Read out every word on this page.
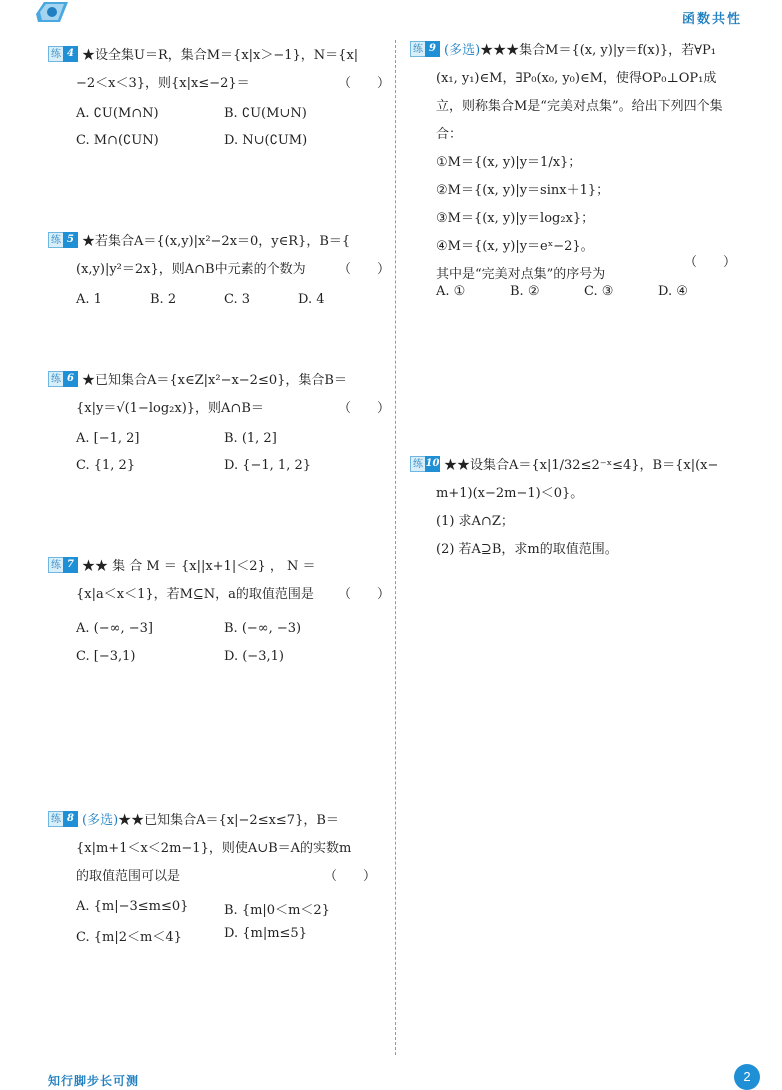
函数共性
练 4 ★设全集U＝R，集合M＝{x|x＞−1}，N＝{x|
−2＜x＜3}，则{x|x≤−2}＝	（　　）
A. ∁U(M∩N)	B. ∁U(M∪N)
C. M∩(∁UN)	D. N∪(∁UM)
练 5 ★若集合A＝{(x,y)|x²−2x＝0，y∈R}，B＝{
(x,y)|y²＝2x}，则A∩B中元素的个数为	（　　）
A. 1	B. 2	C. 3	D. 4
练 6 ★已知集合A＝{x∈Z|x²−x−2≤0}，集合B＝
{x|y＝√(1−log₂x)}，则A∩B＝	（　　）
A. [−1, 2]	B. (1, 2]
C. {1, 2}	D. {−1, 1, 2}
练 7 ★★ 集 合 M ＝ {x||x+1|＜2} ， N ＝
{x|a＜x＜1}，若M⊆N，a的取值范围是	（　　）
A. (−∞, −3]	B. (−∞, −3)
C. [−3,1)	D. (−3,1)
练 8 (多选)★★已知集合A＝{x|−2≤x≤7}，B＝
{x|m+1＜x＜2m−1}，则使A∪B＝A的实数m
的取值范围可以是	（　　）
A. {m|−3≤m≤0}	B. {m|0＜m＜2}
C. {m|2＜m＜4}	D. {m|m≤5}
练 9 (多选)★★★集合M＝{(x, y)|y＝f(x)}，若∀P₁
(x₁, y₁)∈M，∃P₀(x₀, y₀)∈M，使得OP₀⊥OP₁成
立，则称集合M是“完美对点集”。给出下列四个集
合：
①M＝{(x, y)|y＝1/x}；
②M＝{(x, y)|y＝sinx＋1}；
③M＝{(x, y)|y＝log₂x}；
④M＝{(x, y)|y＝eˣ−2}。
其中是“完美对点集”的序号为
（　　）
A. ①	B. ②	C. ③	D. ④
练 10 ★★设集合A＝{x|1/32≤2⁻ˣ≤4}，B＝{x|(x−
m+1)(x−2m−1)＜0}。
(1) 求A∩Z；
(2) 若A⊇B，求m的取值范围。
知行脚步长可测	2
